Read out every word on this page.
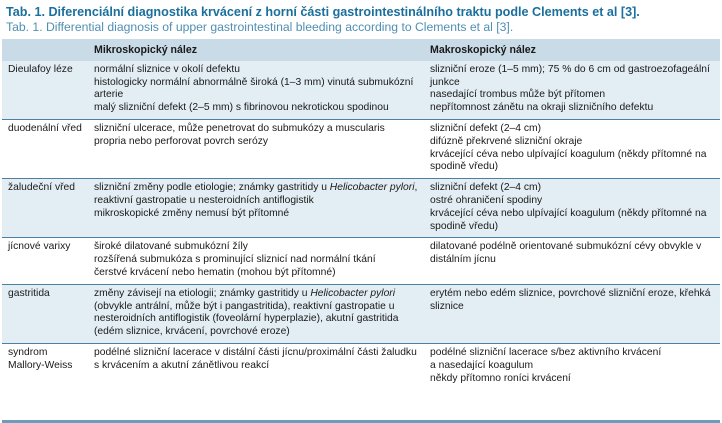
Tab. 1. Diferenciální diagnostika krvácení z horní části gastrointestinálního traktu podle Clements et al [3].
Tab. 1. Differential diagnosis of upper gastrointestinal bleeding according to Clements et al [3].
	Mikroskopický nález	Makroskopický nález
Dieulafoy léze	normální sliznice v okolí defektu
histologicky normální abnormálně široká (1–3 mm) vinutá submukózní arterie
malý slizniční defekt (2–5 mm) s fibrinovou nekrotickou spodinou	slizniční eroze (1–5 mm); 75 % do 6 cm od gastroezofageální junkce
nasedající trombus může být přítomen
nepřítomnost zánětu na okraji slizničního defektu

duodenální vřed	slizniční ulcerace, může penetrovat do submukózy a muscularis propria nebo perforovat povrch serózy	slizniční defekt (2–4 cm)
difúzně překrvené slizniční okraje
krvácející céva nebo ulpívající koagulum (někdy přítomné na spodině vředu)

žaludeční vřed	slizniční změny podle etiologie; známky gastritidy u Helicobacter pylori, reaktivní gastropatie u nesteroidních antiflogistik
mikroskopické změny nemusí být přítomné	slizniční defekt (2–4 cm)
ostré ohraničení spodiny
krvácející céva nebo ulpívající koagulum (někdy přítomné na spodině vředu)

jícnové varixy	široké dilatované submukózní žíly
rozšířená submukóza s prominující sliznicí nad normální tkání
čerstvé krvácení nebo hematin (mohou být přítomné)	dilatované podélně orientované submukózní cévy obvykle v distálním jícnu

gastritida	změny závisejí na etiologii; známky gastritidy u Helicobacter pylori (obvykle antrální, může být i pangastritida), reaktivní gastropatie u nesteroidních antiflogistik (foveolární hyperplazie), akutní gastritida (edém sliznice, krvácení, povrchové eroze)	erytém nebo edém sliznice, povrchové slizniční eroze, křehká sliznice

syndrom Mallory-Weiss	podélné slizniční lacerace v distální části jícnu/proximální části žaludku s krvácením a akutní zánětlivou reakcí	podélné slizniční lacerace s/bez aktivního krvácení
a nasedající koagulum
někdy přítomno roníci krvácení
